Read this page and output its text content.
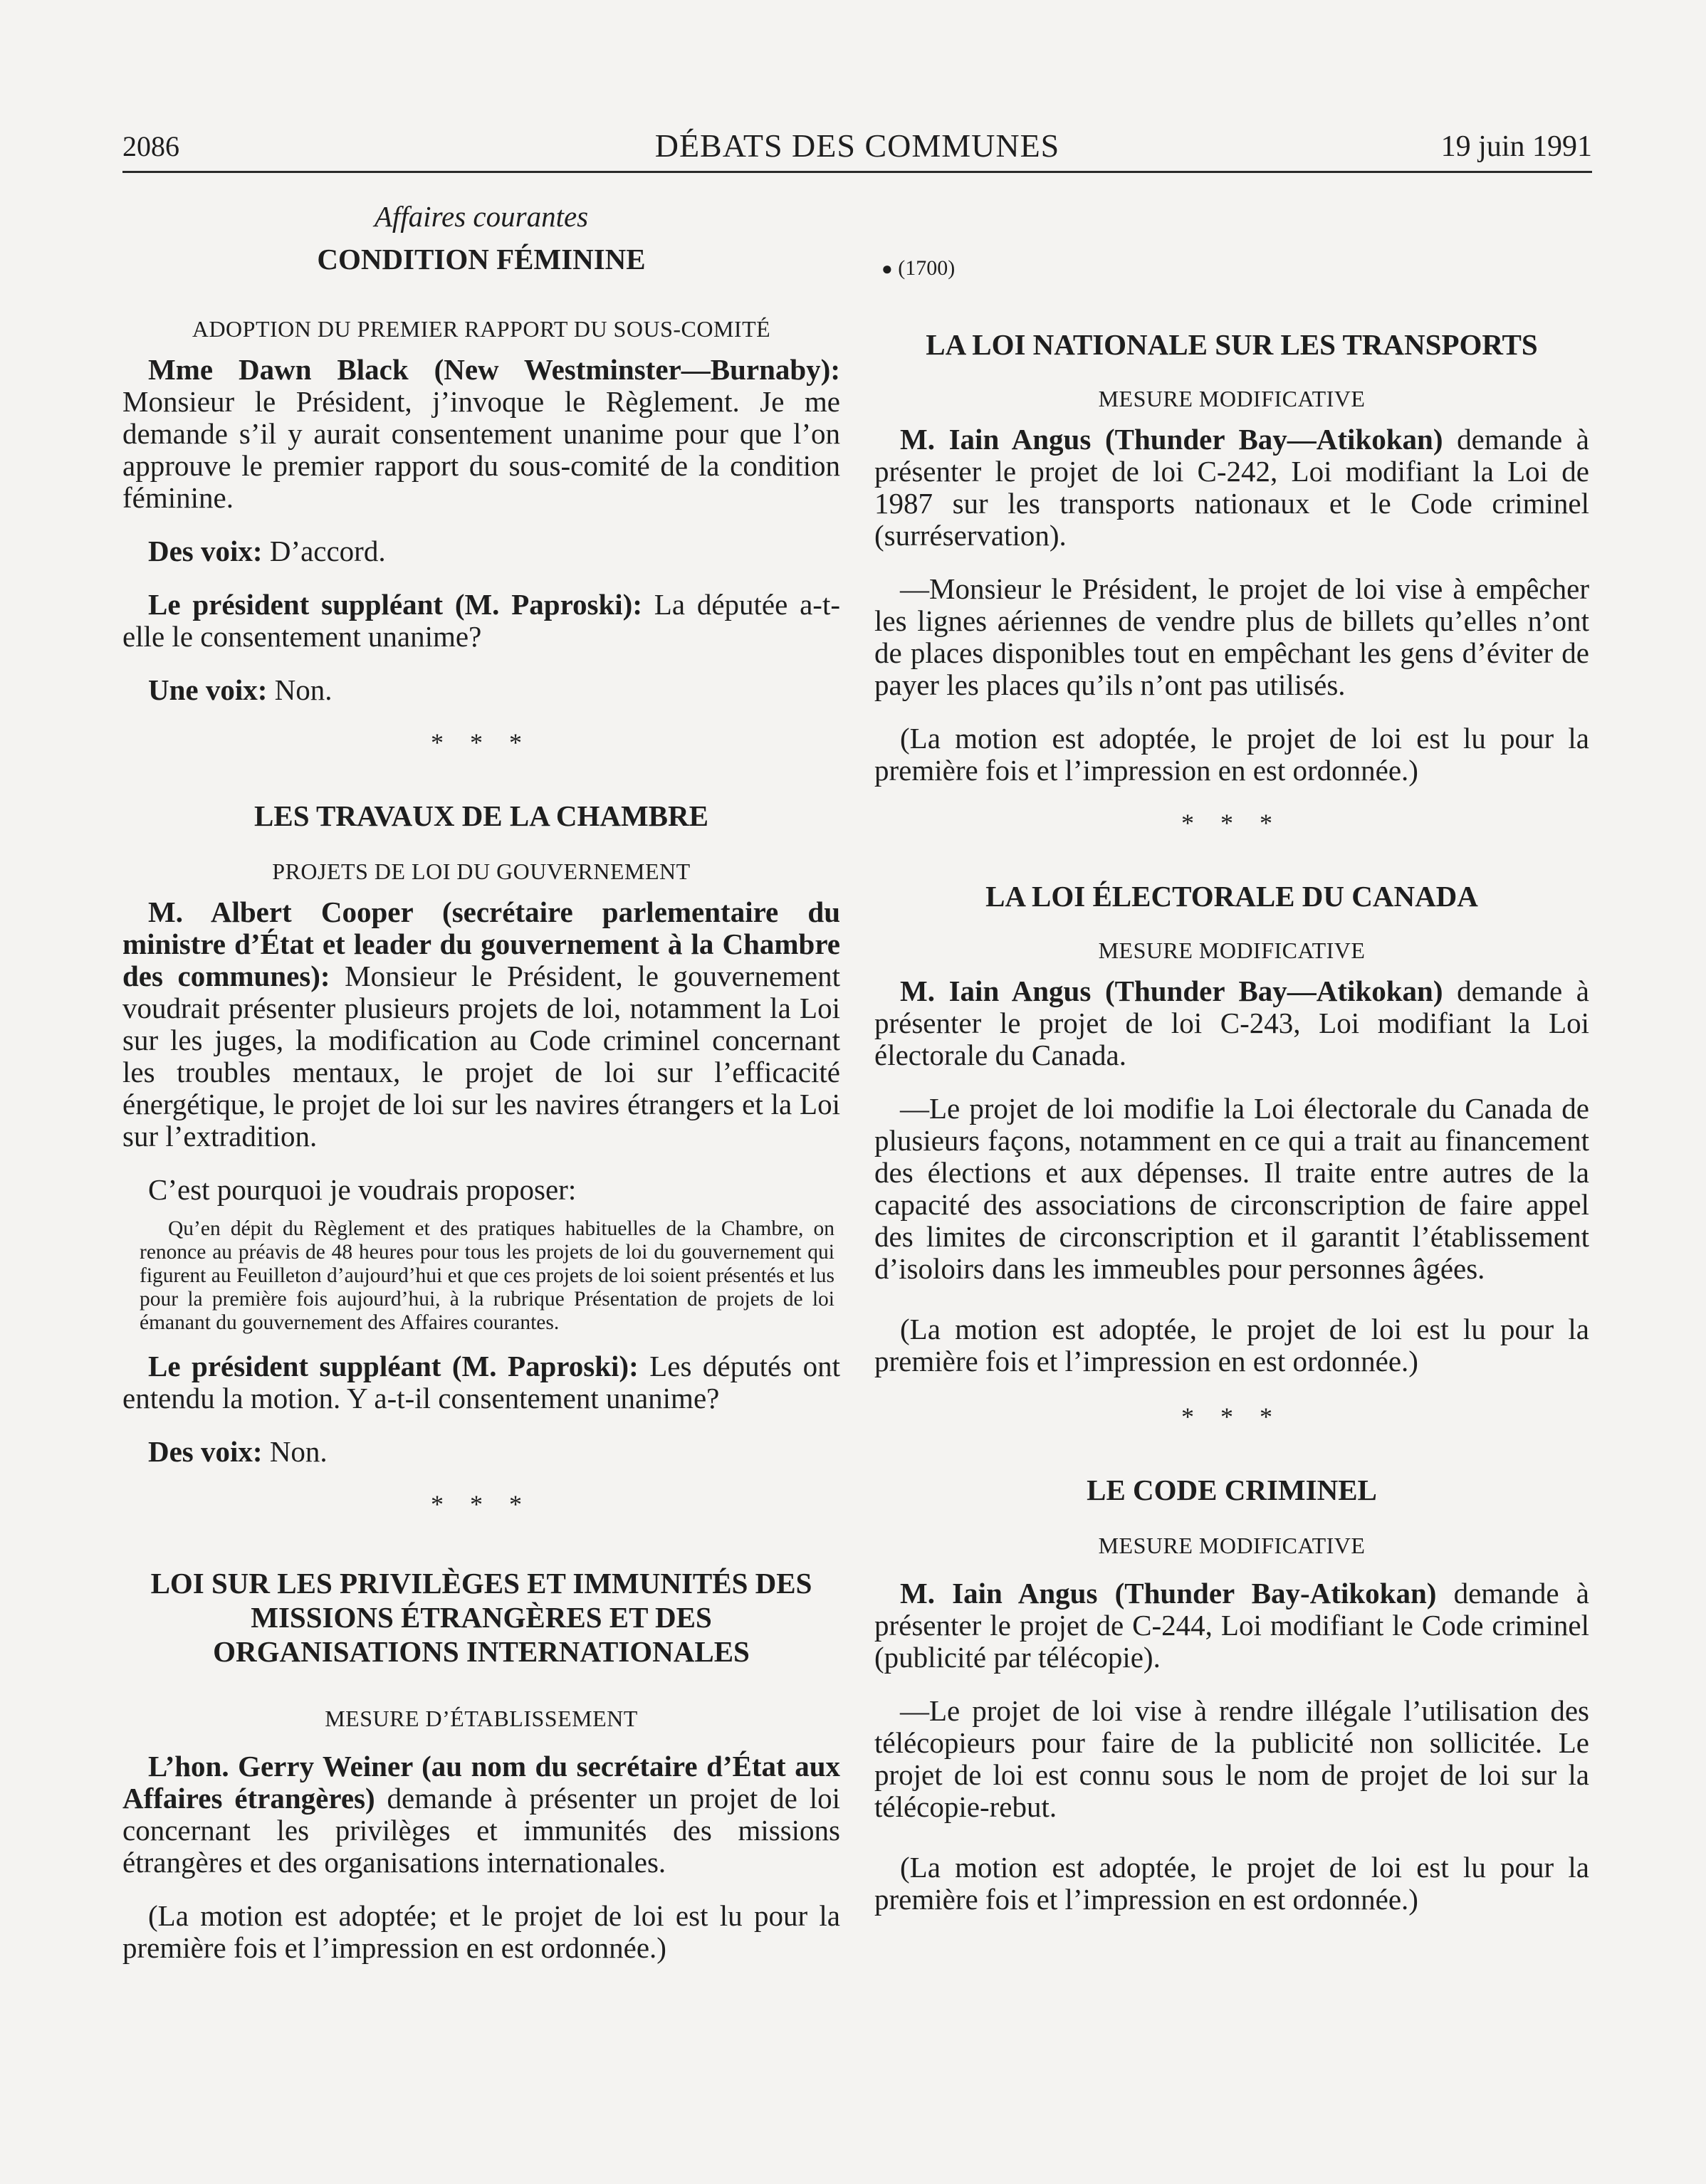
2086	DÉBATS DES COMMUNES	19 juin 1991
Affaires courantes
CONDITION FÉMININE
ADOPTION DU PREMIER RAPPORT DU SOUS-COMITÉ

Mme Dawn Black (New Westminster—Burnaby): Monsieur le Président, j’invoque le Règlement. Je me demande s’il y aurait consentement unanime pour que l’on approuve le premier rapport du sous-comité de la condition féminine.

Des voix: D’accord.

Le président suppléant (M. Paproski): La députée a-t-elle le consentement unanime?

Une voix: Non.

* * *
LES TRAVAUX DE LA CHAMBRE
PROJETS DE LOI DU GOUVERNEMENT

M. Albert Cooper (secrétaire parlementaire du ministre d’État et leader du gouvernement à la Chambre des communes): Monsieur le Président, le gouvernement voudrait présenter plusieurs projets de loi, notamment la Loi sur les juges, la modification au Code criminel concernant les troubles mentaux, le projet de loi sur l’efficacité énergétique, le projet de loi sur les navires étrangers et la Loi sur l’extradition.

C’est pourquoi je voudrais proposer:

Qu’en dépit du Règlement et des pratiques habituelles de la Chambre, on renonce au préavis de 48 heures pour tous les projets de loi du gouvernement qui figurent au Feuilleton d’aujourd’hui et que ces projets de loi soient présentés et lus pour la première fois aujourd’hui, à la rubrique Présentation de projets de loi émanant du gouvernement des Affaires courantes.

Le président suppléant (M. Paproski): Les députés ont entendu la motion. Y a-t-il consentement unanime?

Des voix: Non.

* * *
LOI SUR LES PRIVILÈGES ET IMMUNITÉS DES
MISSIONS ÉTRANGÈRES ET DES
ORGANISATIONS INTERNATIONALES
MESURE D’ÉTABLISSEMENT

L’hon. Gerry Weiner (au nom du secrétaire d’État aux Affaires étrangères) demande à présenter un projet de loi concernant les privilèges et immunités des missions étrangères et des organisations internationales.

(La motion est adoptée; et le projet de loi est lu pour la première fois et l’impression en est ordonnée.)

● (1700)
LA LOI NATIONALE SUR LES TRANSPORTS
MESURE MODIFICATIVE

M. Iain Angus (Thunder Bay—Atikokan) demande à présenter le projet de loi C-242, Loi modifiant la Loi de 1987 sur les transports nationaux et le Code criminel (surréservation).

—Monsieur le Président, le projet de loi vise à empêcher les lignes aériennes de vendre plus de billets qu’elles n’ont de places disponibles tout en empêchant les gens d’éviter de payer les places qu’ils n’ont pas utilisés.

(La motion est adoptée, le projet de loi est lu pour la première fois et l’impression en est ordonnée.)

* * *
LA LOI ÉLECTORALE DU CANADA
MESURE MODIFICATIVE

M. Iain Angus (Thunder Bay—Atikokan) demande à présenter le projet de loi C-243, Loi modifiant la Loi électorale du Canada.

—Le projet de loi modifie la Loi électorale du Canada de plusieurs façons, notamment en ce qui a trait au financement des élections et aux dépenses. Il traite entre autres de la capacité des associations de circonscription de faire appel des limites de circonscription et il garantit l’établissement d’isoloirs dans les immeubles pour personnes âgées.

(La motion est adoptée, le projet de loi est lu pour la première fois et l’impression en est ordonnée.)

* * *
LE CODE CRIMINEL
MESURE MODIFICATIVE

M. Iain Angus (Thunder Bay-Atikokan) demande à présenter le projet de C-244, Loi modifiant le Code criminel (publicité par télécopie).

—Le projet de loi vise à rendre illégale l’utilisation des télécopieurs pour faire de la publicité non sollicitée. Le projet de loi est connu sous le nom de projet de loi sur la télécopie-rebut.

(La motion est adoptée, le projet de loi est lu pour la première fois et l’impression en est ordonnée.)
